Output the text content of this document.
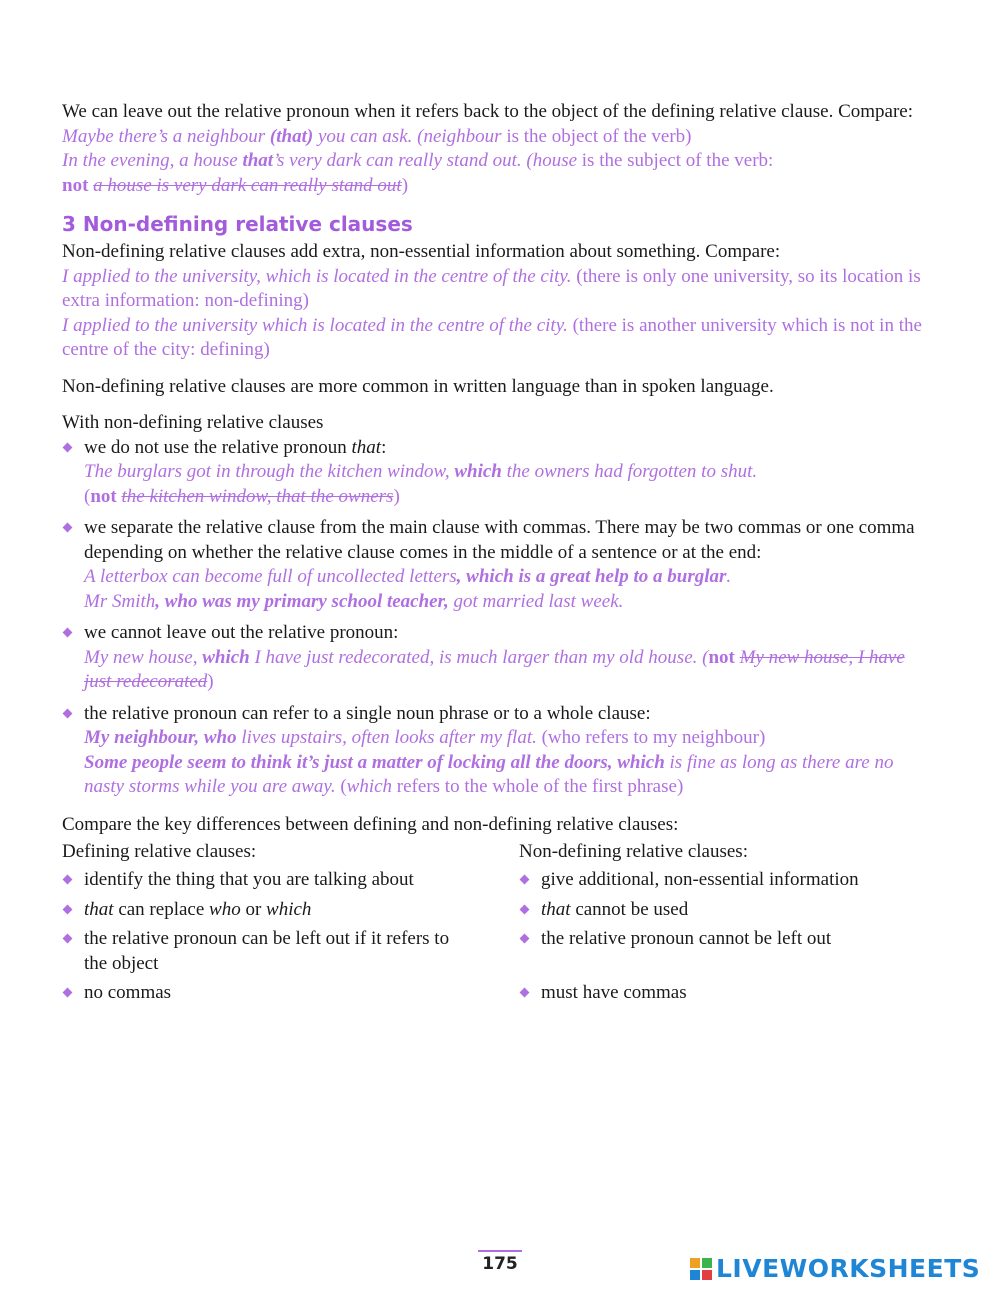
We can leave out the relative pronoun when it refers back to the object of the defining relative clause. Compare:

Maybe there’s a neighbour (that) you can ask. (neighbour is the object of the verb)

In the evening, a house that’s very dark can really stand out. (house is the subject of the verb:

not a house is very dark can really stand out)

3 Non-defining relative clauses

Non-defining relative clauses add extra, non-essential information about something. Compare:

I applied to the university, which is located in the centre of the city. (there is only one university, so its location is extra information: non-defining)

I applied to the university which is located in the centre of the city. (there is another university which is not in the centre of the city: defining)

Non-defining relative clauses are more common in written language than in spoken language.

With non-defining relative clauses

we do not use the relative pronoun that:

The burglars got in through the kitchen window, which the owners had forgotten to shut.

(not the kitchen window, that the owners)

we separate the relative clause from the main clause with commas. There may be two commas or one comma depending on whether the relative clause comes in the middle of a sentence or at the end:

A letterbox can become full of uncollected letters, which is a great help to a burglar.

Mr Smith, who was my primary school teacher, got married last week.

we cannot leave out the relative pronoun:

My new house, which I have just redecorated, is much larger than my old house. (not My new house, I have just redecorated)

the relative pronoun can refer to a single noun phrase or to a whole clause:

My neighbour, who lives upstairs, often looks after my flat. (who refers to my neighbour)

Some people seem to think it’s just a matter of locking all the doors, which is fine as long as there are no nasty storms while you are away. (which refers to the whole of the first phrase)

Compare the key differences between defining and non-defining relative clauses:

Defining relative clauses:

identify the thing that you are talking about

that can replace who or which

the relative pronoun can be left out if it refers to the object

no commas

Non-defining relative clauses:

give additional, non-essential information

that cannot be used

the relative pronoun cannot be left out

must have commas

175	LIVEWORKSHEETS
